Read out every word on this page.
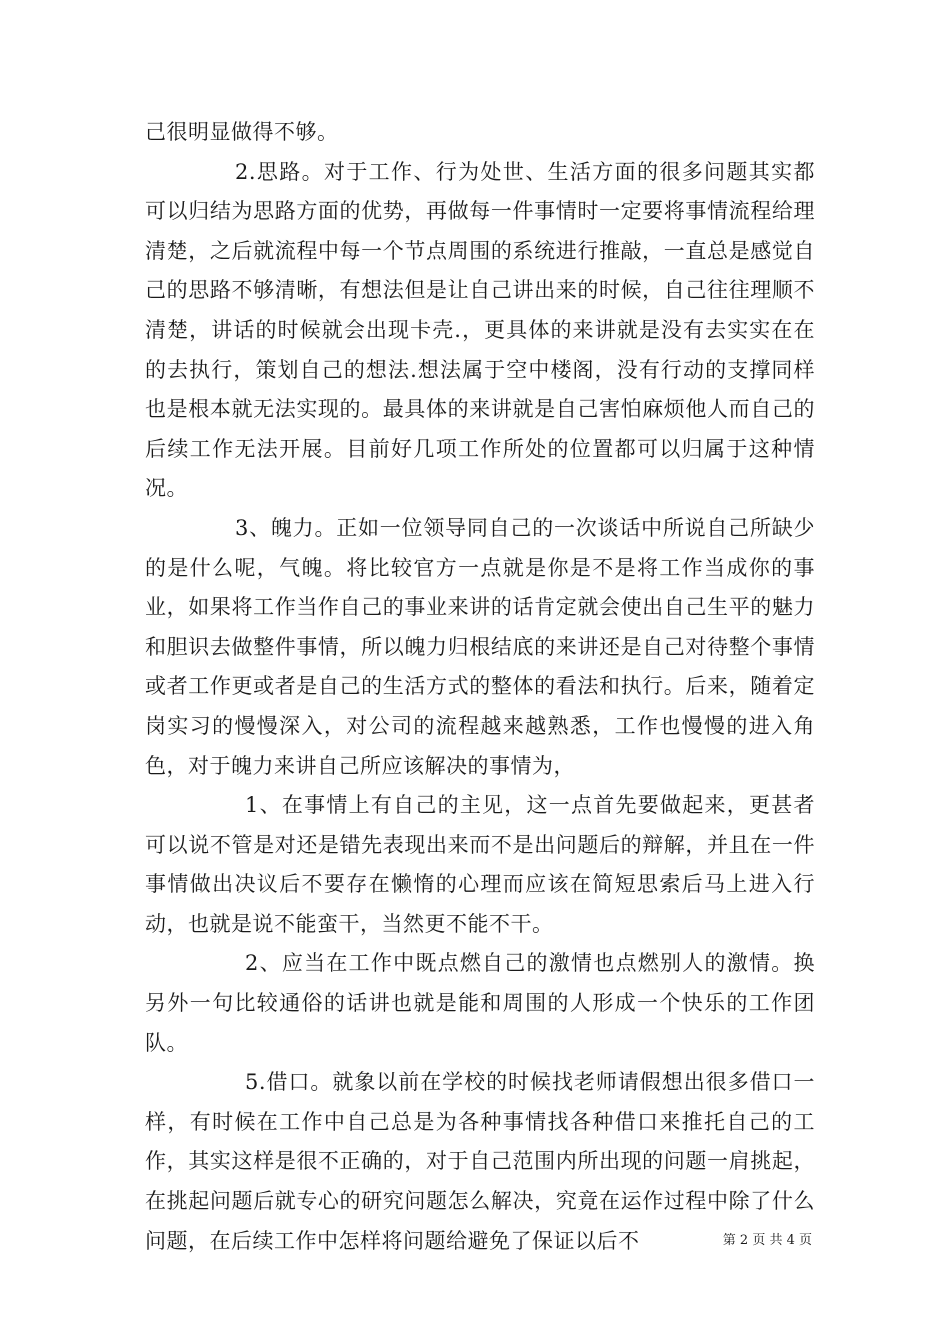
己很明显做得不够。

2.思路。对于工作、行为处世、生活方面的很多问题其实都可以归结为思路方面的优势，再做每一件事情时一定要将事情流程给理清楚，之后就流程中每一个节点周围的系统进行推敲，一直总是感觉自己的思路不够清晰，有想法但是让自己讲出来的时候，自己往往理顺不清楚，讲话的时候就会出现卡壳.，更具体的来讲就是没有去实实在在的去执行，策划自己的想法.想法属于空中楼阁，没有行动的支撑同样也是根本就无法实现的。最具体的来讲就是自己害怕麻烦他人而自己的后续工作无法开展。目前好几项工作所处的位置都可以归属于这种情况。

3、魄力。正如一位领导同自己的一次谈话中所说自己所缺少的是什么呢，气魄。将比较官方一点就是你是不是将工作当成你的事业，如果将工作当作自己的事业来讲的话肯定就会使出自己生平的魅力和胆识去做整件事情，所以魄力归根结底的来讲还是自己对待整个事情或者工作更或者是自己的生活方式的整体的看法和执行。后来，随着定岗实习的慢慢深入，对公司的流程越来越熟悉，工作也慢慢的进入角色，对于魄力来讲自己所应该解决的事情为，

1、在事情上有自己的主见，这一点首先要做起来，更甚者可以说不管是对还是错先表现出来而不是出问题后的辩解，并且在一件事情做出决议后不要存在懒惰的心理而应该在简短思索后马上进入行动，也就是说不能蛮干，当然更不能不干。

2、应当在工作中既点燃自己的激情也点燃别人的激情。换另外一句比较通俗的话讲也就是能和周围的人形成一个快乐的工作团队。

5.借口。就象以前在学校的时候找老师请假想出很多借口一样，有时候在工作中自己总是为各种事情找各种借口来推托自己的工作，其实这样是很不正确的，对于自己范围内所出现的问题一肩挑起，在挑起问题后就专心的研究问题怎么解决，究竟在运作过程中除了什么问题，在后续工作中怎样将问题给避免了保证以后不	第 2 页 共 4 页
